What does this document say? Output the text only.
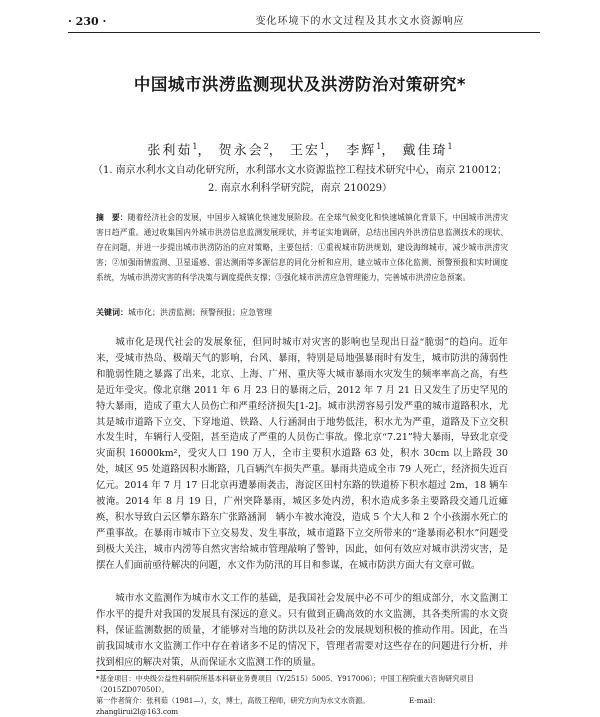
· 230 ·	变化环境下的水文过程及其水文水资源响应
中国城市洪涝监测现状及洪涝防治对策研究*
张利茹$^1$， 贺永会$^2$， 王宏$^1$， 李辉$^1$， 戴佳琦$^1$
（1. 南京水利水文自动化研究所，水利部水文水资源监控工程技术研究中心，南京 210012；
2. 南京水利科学研究院，南京 210029）

摘　要：随着经济社会的发展，中国步入城镇化快速发展阶段。在全球气候变化和快速城镇化背景下，中国城市洪涝灾害日趋严重。通过收集国内外城市洪涝信息监测发展现状，并考证实地调研，总结出国内外洪涝信息监测技术的现状、存在问题，并进一步提出城市洪涝防治的应对策略，主要包括：①重视城市防洪规划，建设海绵城市，减少城市洪涝灾害；②加强雨情监测、卫星遥感、雷达测雨等多源信息的同化分析和应用，建立城市立体化监测、预警预报和实时调度系统，为城市洪涝灾害的科学决策与调度提供支撑；③强化城市洪涝应急管理能力，完善城市洪涝应急预案。

关键词：城市化；洪涝监测；预警预报；应急管理

城市化是现代社会的发展象征，但同时城市对灾害的影响也呈现出日益“脆弱”的趋向。近年来，受城市热岛、极端天气的影响，台风、暴雨，特别是局地强暴雨时有发生，城市防洪的薄弱性和脆弱性随之暴露了出来，北京、上海、广州、重庆等大城市暴雨水灾发生的频率率高之高，有些是近年受灾。像北京继 2011 年 6 月 23 日的暴雨之后，2012 年 7 月 21 日又发生了历史罕见的特大暴雨，造成了重大人员伤亡和严重经济损失[1-2]。城市洪涝容易引发严重的城市道路积水，尤其是城市道路下立交、下穿地道、铁路、人行涵洞由于地势低洼，积水尤为严重，道路及下立交积水发生时，车辆行人受阻，甚至造成了严重的人员伤亡事故。像北京“7.21”特大暴雨，导致北京受灾面积 16000km²，受灾人口 190 万人，全市主要积水道路 63 处，积水 30cm 以上路段 30 处，城区 95 处道路因积水断路，几百辆汽车损失严重。暴雨共造成全市 79 人死亡，经济损失近百亿元。2014 年 7 月 17 日北京再遭暴雨袭击，海淀区田村东路的铁道桥下积水超过 2m，18 辆车被淹。2014 年 8 月 19 日，广州突降暴雨，城区多处内涝，积水造成多条主要路段交通几近瘫痪，积水导致白云区攀东路东广张路涵洞　辆小车被水淹没，造成 5 个大人和 2 个小孩溺水死亡的严重事故。在暴雨市城市下立交易发、发生事故，城市道路下立交所带来的“逢暴雨必积水”问题受到极大关注，城市内涝等自然灾害给城市管理敲响了警钟，因此，如何有效应对城市洪涝灾害，是摆在人们面前亟待解决的问题，水文作为防汛的耳目和参谋，在城市防洪方面大有文章可做。

城市水文监测作为城市水文工作的基础，是我国社会发展中必不可少的组成部分，水文监测工作水平的提升对我国的发展具有深远的意义。只有做到正确高效的水文监测，其各类所需的水文资料，保证监测数据的质量，才能够对当地的防洪以及社会的发展规划积极的推动作用。因此，在当前我国城市水文监测工作中存在着诸多不足的情况下，管理者需要对这些存在的问题进行分析，并找到相应的解决对策，从而保证水文监测工作的质量。

*基金项目：中央级公益性科研院所基本科研业务费项目（Y/2515）5005、Y917006）；中国工程院重大咨询研究项目（2015ZD07050I）。

第一作者简介：张利茹（1981—），女，博士，高级工程师，研究方向为水文水资源。　　　　　　E-mail：zhanglirui2l@163.com
